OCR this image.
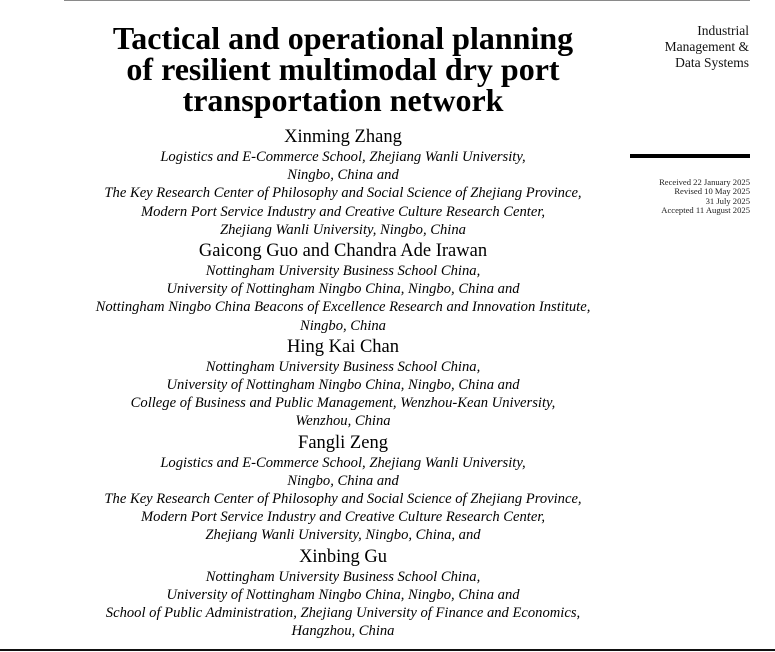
Tactical and operational planning
of resilient multimodal dry port
transportation network

Xinming Zhang

Logistics and E-Commerce School, Zhejiang Wanli University,
Ningbo, China and
The Key Research Center of Philosophy and Social Science of Zhejiang Province,
Modern Port Service Industry and Creative Culture Research Center,
Zhejiang Wanli University, Ningbo, China

Gaicong Guo and Chandra Ade Irawan

Nottingham University Business School China,
University of Nottingham Ningbo China, Ningbo, China and
Nottingham Ningbo China Beacons of Excellence Research and Innovation Institute,
Ningbo, China

Hing Kai Chan

Nottingham University Business School China,
University of Nottingham Ningbo China, Ningbo, China and
College of Business and Public Management, Wenzhou-Kean University,
Wenzhou, China

Fangli Zeng

Logistics and E-Commerce School, Zhejiang Wanli University,
Ningbo, China and
The Key Research Center of Philosophy and Social Science of Zhejiang Province,
Modern Port Service Industry and Creative Culture Research Center,
Zhejiang Wanli University, Ningbo, China, and

Xinbing Gu

Nottingham University Business School China,
University of Nottingham Ningbo China, Ningbo, China and
School of Public Administration, Zhejiang University of Finance and Economics,
Hangzhou, China

Industrial
Management &
Data Systems
Received 22 January 2025
Revised 10 May 2025
31 July 2025
Accepted 11 August 2025
